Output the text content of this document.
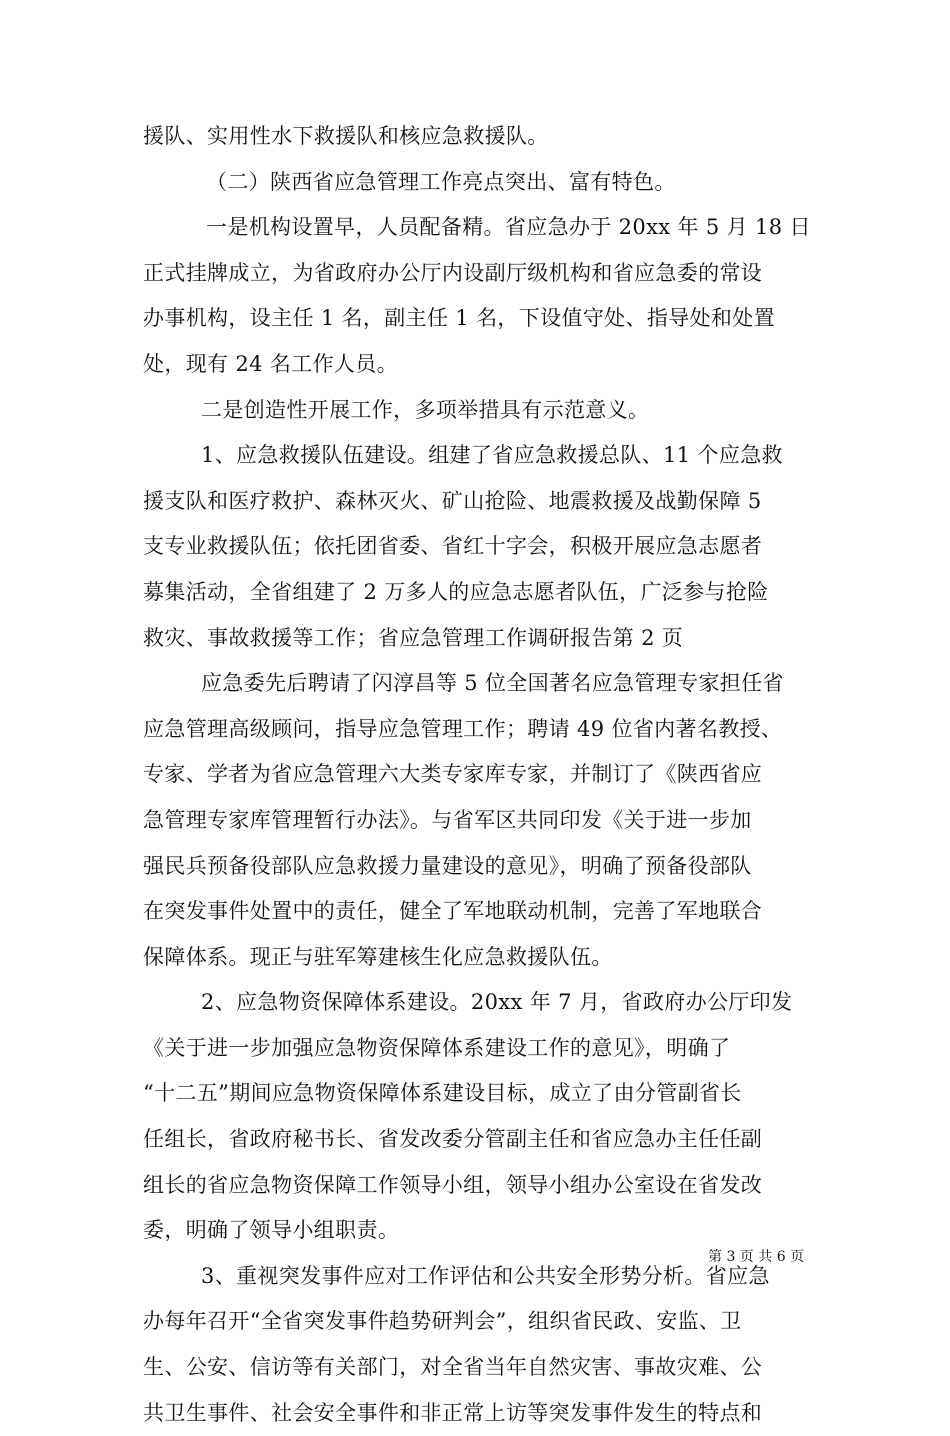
援队、实用性水下救援队和核应急救援队。
（二）陕西省应急管理工作亮点突出、富有特色。
一是机构设置早，人员配备精。省应急办于 20xx 年 5 月 18 日
正式挂牌成立，为省政府办公厅内设副厅级机构和省应急委的常设
办事机构，设主任 1 名，副主任 1 名，下设值守处、指导处和处置
处，现有 24 名工作人员。
二是创造性开展工作，多项举措具有示范意义。
1、应急救援队伍建设。组建了省应急救援总队、11 个应急救
援支队和医疗救护、森林灭火、矿山抢险、地震救援及战勤保障 5
支专业救援队伍；依托团省委、省红十字会，积极开展应急志愿者
募集活动，全省组建了 2 万多人的应急志愿者队伍，广泛参与抢险
救灾、事故救援等工作；省应急管理工作调研报告第 2 页
应急委先后聘请了闪淳昌等 5 位全国著名应急管理专家担任省
应急管理高级顾问，指导应急管理工作；聘请 49 位省内著名教授、
专家、学者为省应急管理六大类专家库专家，并制订了《陕西省应
急管理专家库管理暂行办法》。与省军区共同印发《关于进一步加
强民兵预备役部队应急救援力量建设的意见》，明确了预备役部队
在突发事件处置中的责任，健全了军地联动机制，完善了军地联合
保障体系。现正与驻军筹建核生化应急救援队伍。
2、应急物资保障体系建设。20xx 年 7 月，省政府办公厅印发
《关于进一步加强应急物资保障体系建设工作的意见》，明确了
“十二五”期间应急物资保障体系建设目标，成立了由分管副省长
任组长，省政府秘书长、省发改委分管副主任和省应急办主任任副
组长的省应急物资保障工作领导小组，领导小组办公室设在省发改
委，明确了领导小组职责。
3、重视突发事件应对工作评估和公共安全形势分析。省应急
办每年召开“全省突发事件趋势研判会”，组织省民政、安监、卫
生、公安、信访等有关部门，对全省当年自然灾害、事故灾难、公
共卫生事件、社会安全事件和非正常上访等突发事件发生的特点和
第 3 页 共 6 页
